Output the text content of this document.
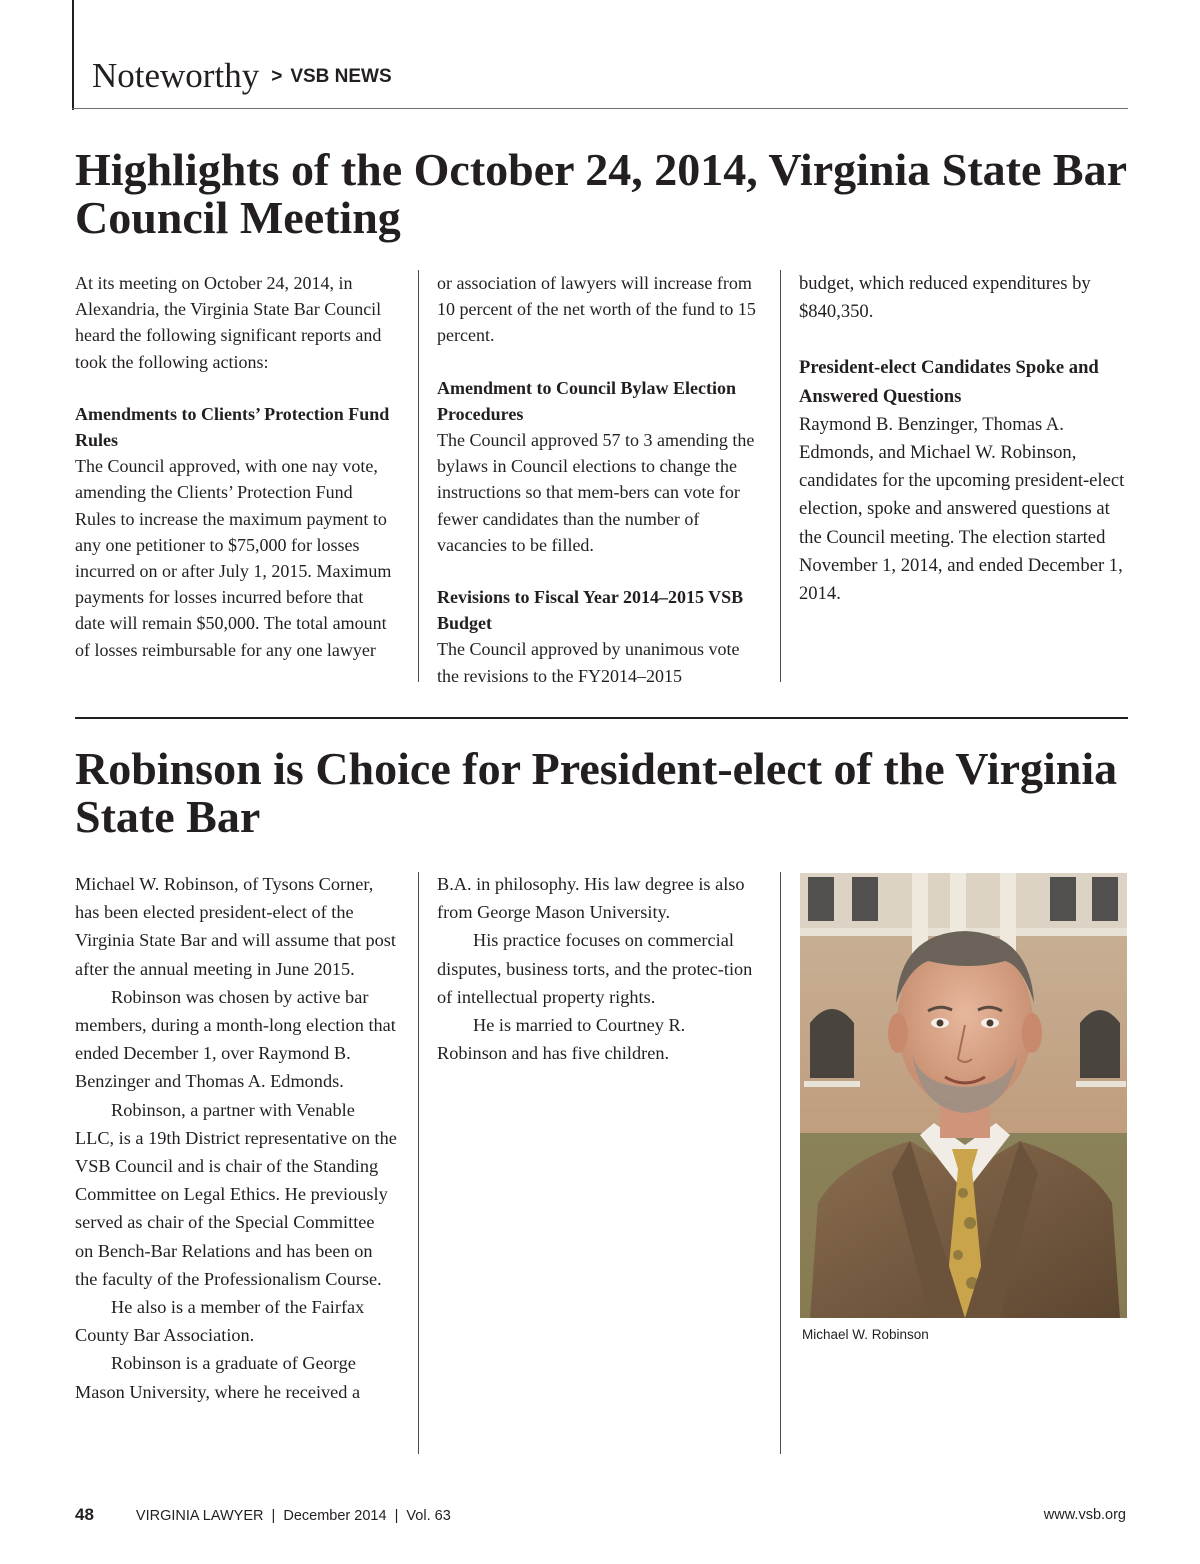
Noteworthy > VSB NEWS
Highlights of the October 24, 2014, Virginia State Bar Council Meeting

At its meeting on October 24, 2014, in Alexandria, the Virginia State Bar Council heard the following significant reports and took the following actions:

Amendments to Clients’ Protection Fund Rules

The Council approved, with one nay vote, amending the Clients’ Protection Fund Rules to increase the maximum payment to any one petitioner to $75,000 for losses incurred on or after July 1, 2015. Maximum payments for losses incurred before that date will remain $50,000. The total amount of losses reimbursable for any one lawyer

or association of lawyers will increase from 10 percent of the net worth of the fund to 15 percent.

Amendment to Council Bylaw Election Procedures

The Council approved 57 to 3 amending the bylaws in Council elections to change the instructions so that mem-bers can vote for fewer candidates than the number of vacancies to be filled.

Revisions to Fiscal Year 2014–2015 VSB Budget

The Council approved by unanimous vote the revisions to the FY2014–2015

budget, which reduced expenditures by $840,350.

President-elect Candidates Spoke and Answered Questions

Raymond B. Benzinger, Thomas A. Edmonds, and Michael W. Robinson, candidates for the upcoming president-elect election, spoke and answered questions at the Council meeting. The election started November 1, 2014, and ended December 1, 2014.

Robinson is Choice for President-elect of the Virginia State Bar

Michael W. Robinson, of Tysons Corner, has been elected president-elect of the Virginia State Bar and will assume that post after the annual meeting in June 2015.

Robinson was chosen by active bar members, during a month-long election that ended December 1, over Raymond B. Benzinger and Thomas A. Edmonds.

Robinson, a partner with Venable LLC, is a 19th District representative on the VSB Council and is chair of the Standing Committee on Legal Ethics. He previously served as chair of the Special Committee on Bench-Bar Relations and has been on the faculty of the Professionalism Course.

He also is a member of the Fairfax County Bar Association.

Robinson is a graduate of George Mason University, where he received a

B.A. in philosophy. His law degree is also from George Mason University.

His practice focuses on commercial disputes, business torts, and the protec-tion of intellectual property rights.

He is married to Courtney R. Robinson and has five children.

Michael W. Robinson
48	VIRGINIA LAWYER  |  December 2014  |  Vol. 63	www.vsb.org
